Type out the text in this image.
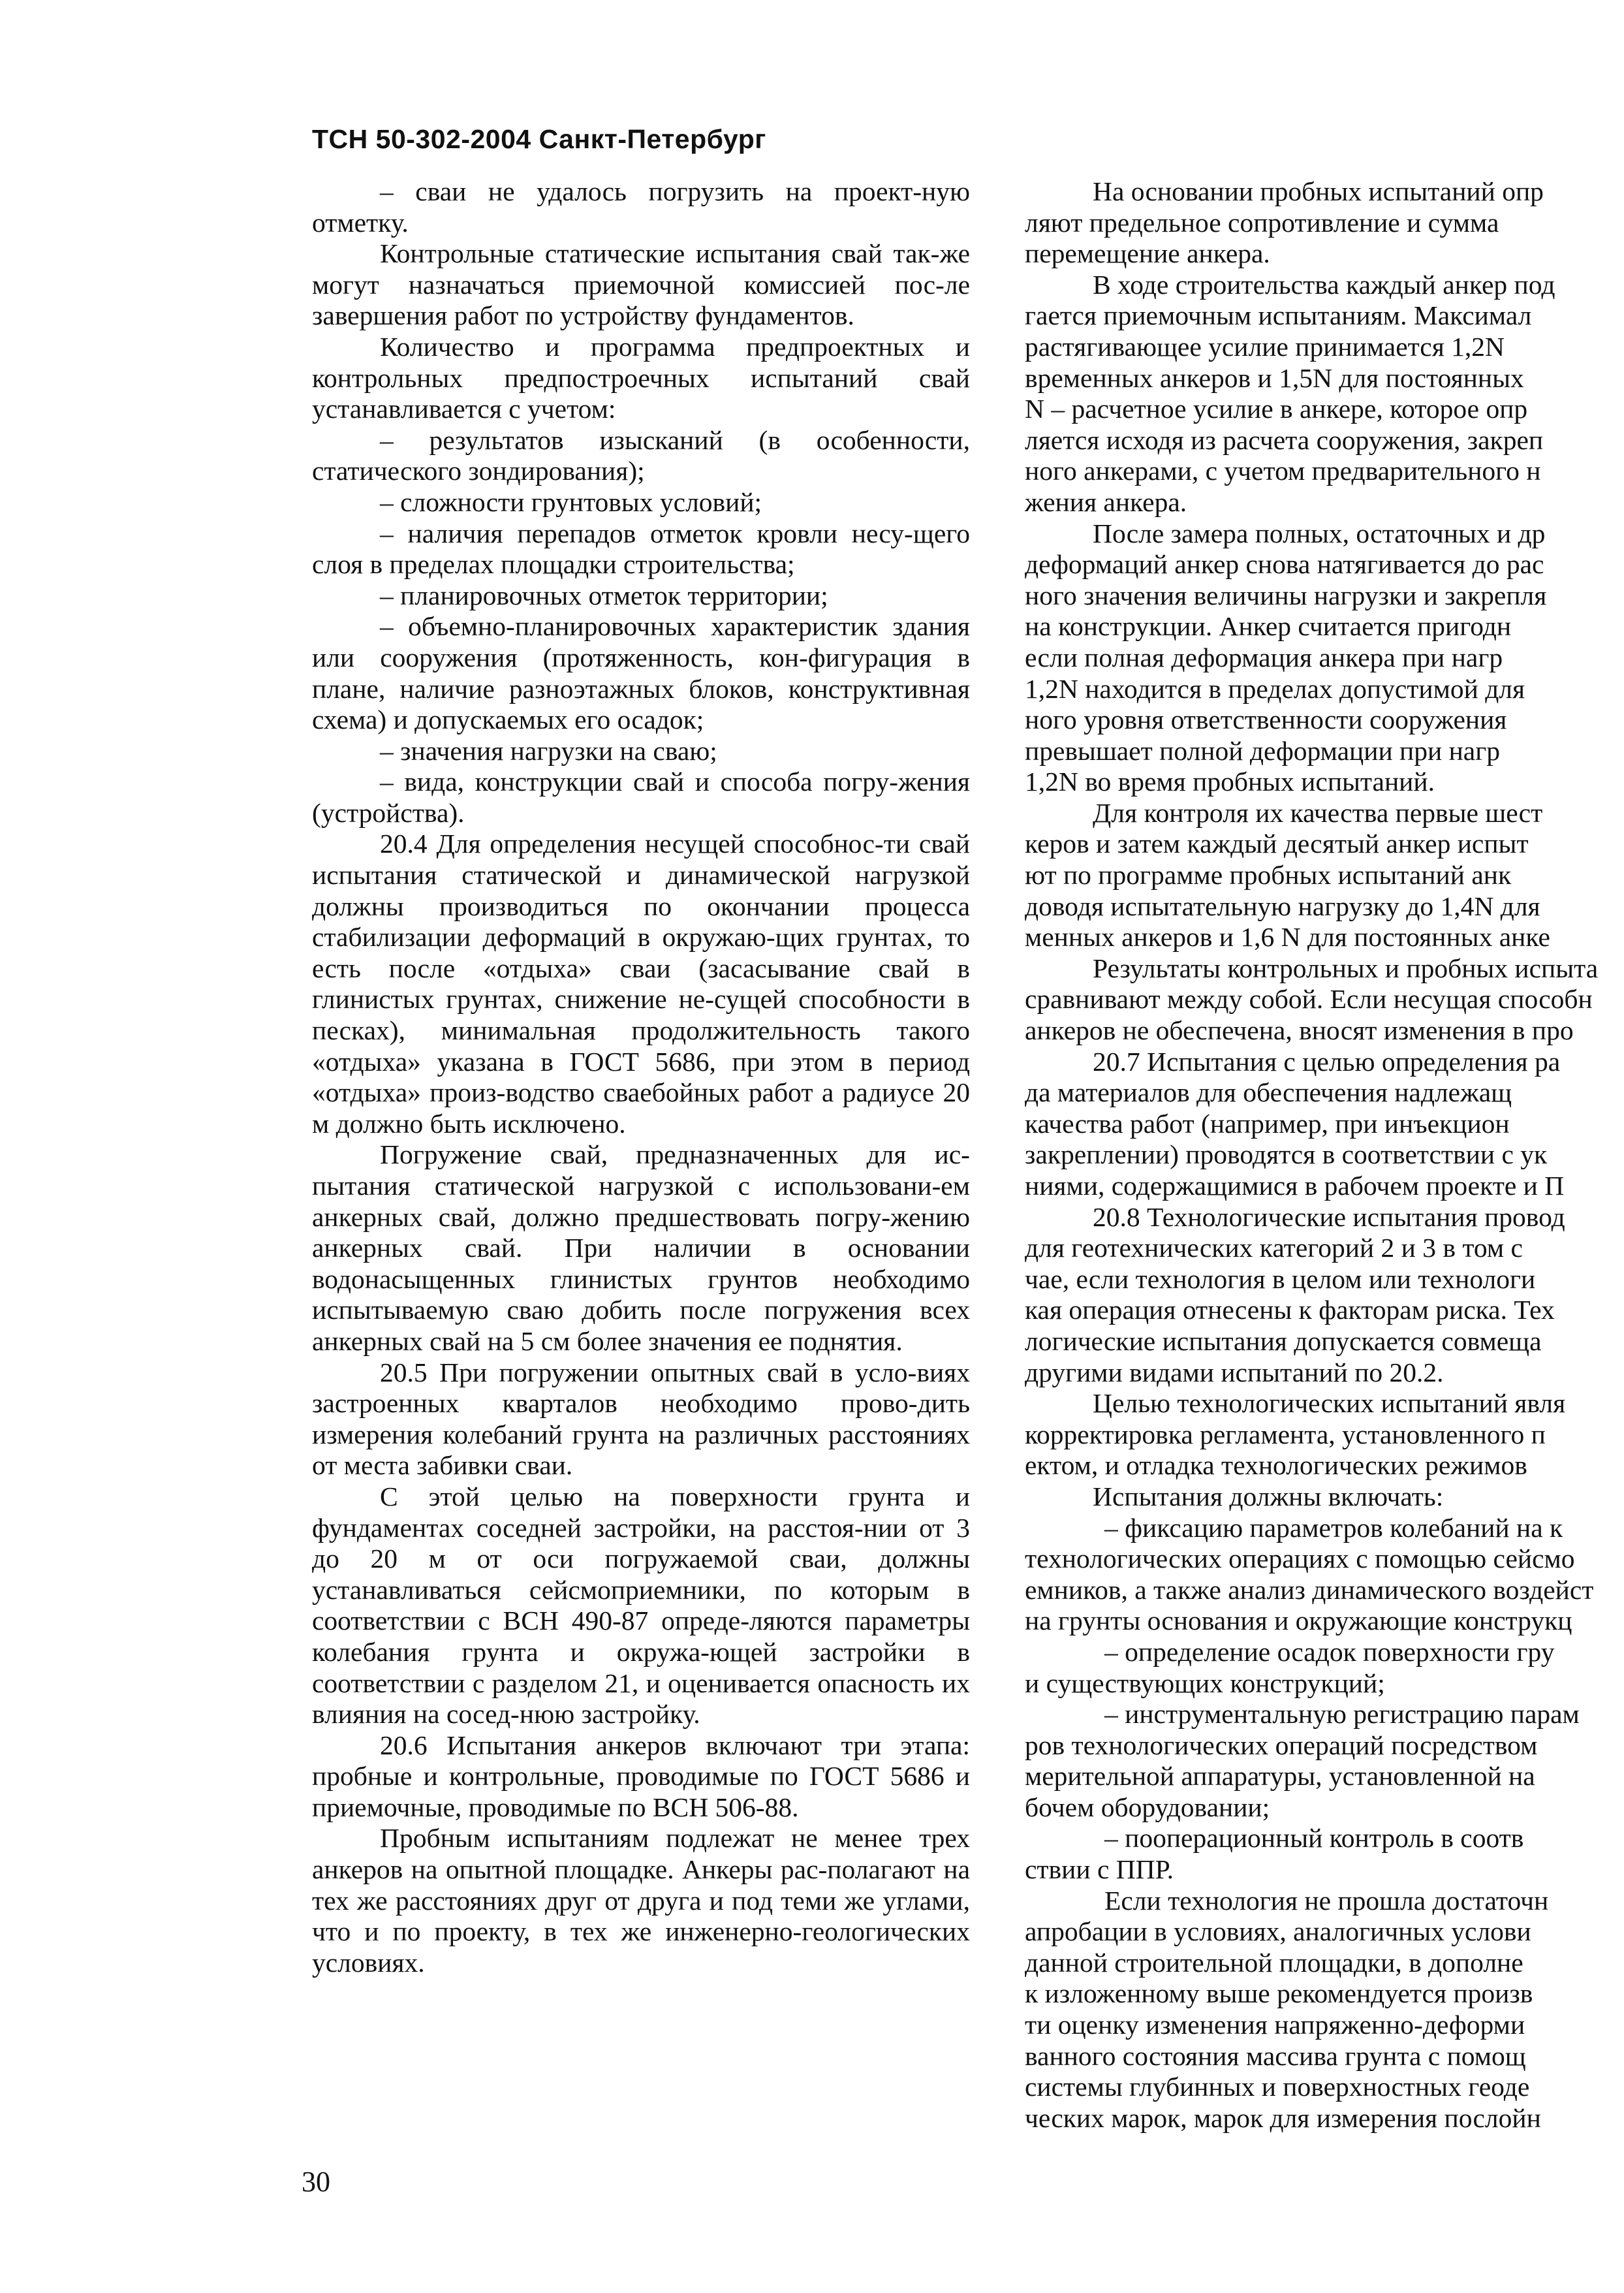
ТСН 50-302-2004 Санкт-Петербург

– сваи не удалось погрузить на проект-ную отметку.

Контрольные статические испытания свай так-же могут назначаться приемочной комиссией пос-ле завершения работ по устройству фундаментов.

Количество и программа предпроектных и контрольных предпостроечных испытаний свай устанавливается с учетом:

– результатов изысканий (в особенности, статического зондирования);

– сложности грунтовых условий;

– наличия перепадов отметок кровли несу-щего слоя в пределах площадки строительства;

– планировочных отметок территории;

– объемно-планировочных характеристик здания или сооружения (протяженность, кон-фигурация в плане, наличие разноэтажных блоков, конструктивная схема) и допускаемых его осадок;

– значения нагрузки на сваю;

– вида, конструкции свай и способа погру-жения (устройства).

20.4 Для определения несущей способнос-ти свай испытания статической и динамической нагрузкой должны производиться по окончании процесса стабилизации деформаций в окружаю-щих грунтах, то есть после «отдыха» сваи (засасывание свай в глинистых грунтах, снижение не-сущей способности в песках), минимальная продолжительность такого «отдыха» указана в ГОСТ 5686, при этом в период «отдыха» произ-водство сваебойных работ а радиусе 20 м должно быть исключено.

Погружение свай, предназначенных для ис-пытания статической нагрузкой с использовани-ем анкерных свай, должно предшествовать погру-жению анкерных свай. При наличии в основании водонасыщенных глинистых грунтов необходимо испытываемую сваю добить после погружения всех анкерных свай на 5 см более значения ее поднятия.

20.5 При погружении опытных свай в усло-виях застроенных кварталов необходимо прово-дить измерения колебаний грунта на различных расстояниях от места забивки сваи.

С этой целью на поверхности грунта и фундаментах соседней застройки, на расстоя-нии от 3 до 20 м от оси погружаемой сваи, должны устанавливаться сейсмоприемники, по которым в соответствии с ВСН 490-87 опреде-ляются параметры колебания грунта и окружа-ющей застройки в соответствии с разделом 21, и оценивается опасность их влияния на сосед-нюю застройку.

20.6 Испытания анкеров включают три этапа: пробные и контрольные, проводимые по ГОСТ 5686 и приемочные, проводимые по ВСН 506-88.

Пробным испытаниям подлежат не менее трех анкеров на опытной площадке. Анкеры рас-полагают на тех же расстояниях друг от друга и под теми же углами, что и по проекту, в тех же инженерно-геологических условиях.

На основании пробных испытаний опр

ляют предельное сопротивление и сумма

перемещение анкера.

В ходе строительства каждый анкер под

гается приемочным испытаниям. Максимал

растягивающее усилие принимается 1,2N

временных анкеров и 1,5N для постоянных

N – расчетное усилие в анкере, которое опр

ляется исходя из расчета сооружения, закреп

ного анкерами, с учетом предварительного н

жения анкера.

После замера полных, остаточных и др

деформаций анкер снова натягивается до рас

ного значения величины нагрузки и закрепля

на конструкции. Анкер считается пригодн

если полная деформация анкера при нагр

1,2N находится в пределах допустимой для

ного уровня ответственности сооружения

превышает полной деформации при нагр

1,2N во время пробных испытаний.

Для контроля их качества первые шест

керов и затем каждый десятый анкер испыт

ют по программе пробных испытаний анк

доводя испытательную нагрузку до 1,4N для

менных анкеров и 1,6 N для постоянных анке

Результаты контрольных и пробных испыта

сравнивают между собой. Если несущая способн

анкеров не обеспечена, вносят изменения в про

20.7 Испытания с целью определения ра

да материалов для обеспечения надлежащ

качества работ (например, при инъекцион

закреплении) проводятся в соответствии с ук

ниями, содержащимися в рабочем проекте и П

20.8 Технологические испытания провод

для геотехнических категорий 2 и 3 в том с

чае, если технология в целом или технологи

кая операция отнесены к факторам риска. Тех

логические испытания допускается совмеща

другими видами испытаний по 20.2.

Целью технологических испытаний явля

корректировка регламента, установленного п

ектом, и отладка технологических режимов

Испытания должны включать:

– фиксацию параметров колебаний на к

технологических операциях с помощью сейсмо

емников, а также анализ динамического воздейст

на грунты основания и окружающие конструкц

– определение осадок поверхности гру

и существующих конструкций;

– инструментальную регистрацию парам

ров технологических операций посредством

мерительной аппаратуры, установленной на

бочем оборудовании;

– пооперационный контроль в соотв

ствии с ППР.

Если технология не прошла достаточн

апробации в условиях, аналогичных услови

данной строительной площадки, в дополне

к изложенному выше рекомендуется произв

ти оценку изменения напряженно-деформи

ванного состояния массива грунта с помощ

системы глубинных и поверхностных геоде

ческих марок, марок для измерения послойн

30
